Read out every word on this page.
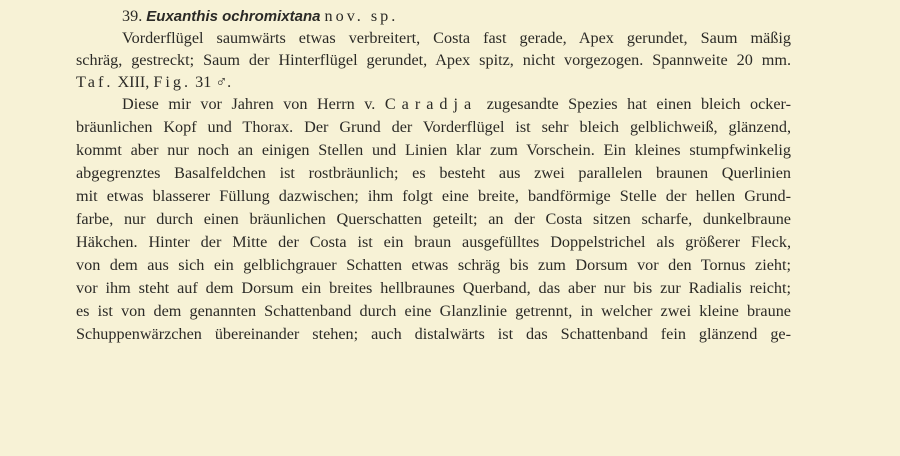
39. Euxanthis ochromixtana nov. sp.
Vorderflügel saumwärts etwas verbreitert, Costa fast gerade, Apex gerundet, Saum mäßig
schräg, gestreckt; Saum der Hinterflügel gerundet, Apex spitz, nicht vorgezogen. Spannweite 20 mm.
Taf. XIII, Fig. 31 ♂.
Diese mir vor Jahren von Herrn v. Caradja zugesandte Spezies hat einen bleich ocker-
bräunlichen Kopf und Thorax. Der Grund der Vorderflügel ist sehr bleich gelblichweiß, glänzend,
kommt aber nur noch an einigen Stellen und Linien klar zum Vorschein. Ein kleines stumpfwinkelig
abgegrenztes Basalfeldchen ist rostbräunlich; es besteht aus zwei parallelen braunen Querlinien
mit etwas blasserer Füllung dazwischen; ihm folgt eine breite, bandförmige Stelle der hellen Grund-
farbe, nur durch einen bräunlichen Querschatten geteilt; an der Costa sitzen scharfe, dunkelbraune
Häkchen. Hinter der Mitte der Costa ist ein braun ausgefülltes Doppelstrichel als größerer Fleck,
von dem aus sich ein gelblichgrauer Schatten etwas schräg bis zum Dorsum vor den Tornus zieht;
vor ihm steht auf dem Dorsum ein breites hellbraunes Querband, das aber nur bis zur Radialis reicht;
es ist von dem genannten Schattenband durch eine Glanzlinie getrennt, in welcher zwei kleine braune
Schuppenwärzchen übereinander stehen; auch distalwärts ist das Schattenband fein glänzend ge-
